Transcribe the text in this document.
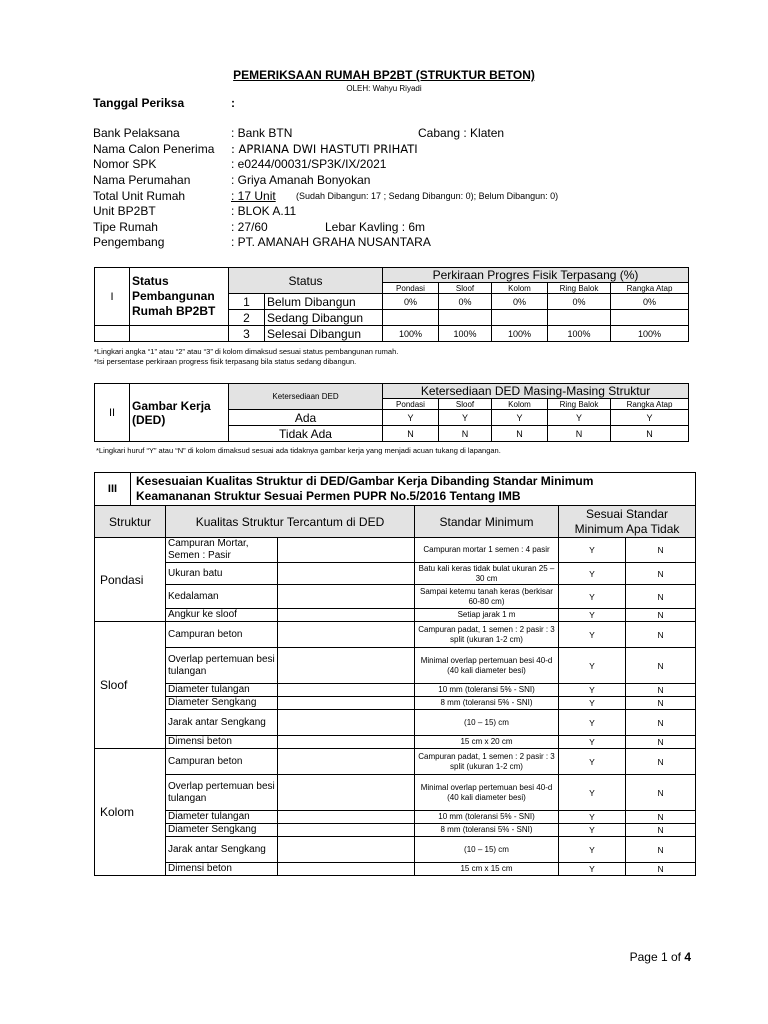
PEMERIKSAAN RUMAH BP2BT (STRUKTUR BETON)
OLEH: Wahyu Riyadi
Tanggal Periksa	:
Bank Pelaksana	: Bank BTN	Cabang : Klaten
Nama Calon Penerima : APRIANA DWI HASTUTI PRIHATI
Nomor SPK	: e0244/00031/SP3K/IX/2021
Nama Perumahan	: Griya Amanah Bonyokan
Total Unit Rumah	: 17 Unit (Sudah Dibangun: 17 ; Sedang Dibangun: 0); Belum Dibangun: 0)
Unit BP2BT	: BLOK A.11
Tipe Rumah	: 27/60	Lebar Kavling : 6m
Pengembang	: PT. AMANAH GRAHA NUSANTARA
I	Status Pembangunan Rumah BP2BT	Status		Perkiraan Progres Fisik Terpasang (%)				
				Pondasi	Sloof	Kolom	Ring Balok	Rangka Atap
		1	Belum Dibangun	0%	0%	0%	0%	0%
		2	Sedang Dibangun					
		3	Selesai Dibangun	100%	100%	100%	100%	100%
*Lingkari angka “1” atau “2” atau “3” di kolom dimaksud sesuai status pembangunan rumah.
*Isi persentase perkiraan progress fisik terpasang bila status sedang dibangun.
II	Gambar Kerja (DED)	Ketersediaan DED	Ketersediaan DED Masing-Masing Struktur				
			Pondasi	Sloof	Kolom	Ring Balok	Rangka Atap
		Ada	Y	Y	Y	Y	Y
		Tidak Ada	N	N	N	N	N
*Lingkari huruf “Y” atau “N” di kolom dimaksud sesuai ada tidaknya gambar kerja yang menjadi acuan tukang di lapangan.
III	Kesesuaian Kualitas Struktur di DED/Gambar Kerja Dibanding Standar Minimum
Keamananan Struktur Sesuai Permen PUPR No.5/2016 Tentang IMB					

Struktur		Kualitas Struktur Tercantum di DED		Standar Minimum	Sesuai Standar Minimum Apa Tidak	
Pondasi		Campuran Mortar, Semen : Pasir		Campuran mortar 1 semen : 4 pasir	Y	N
		Ukuran batu		Batu kali keras tidak bulat ukuran 25 – 30 cm	Y	N
		Kedalaman		Sampai ketemu tanah keras (berkisar 60-80 cm)	Y	N
		Angkur ke sloof		Setiap jarak 1 m	Y	N
Sloof		Campuran beton		Campuran padat, 1 semen : 2 pasir : 3 split (ukuran 1-2 cm)	Y	N
		Overlap pertemuan besi tulangan		Minimal overlap pertemuan besi 40-d (40 kali diameter besi)	Y	N
		Diameter tulangan		10 mm (toleransi 5% - SNI)	Y	N
		Diameter Sengkang		8 mm (toleransi 5% - SNI)	Y	N
		Jarak antar Sengkang		(10 – 15) cm	Y	N
		Dimensi beton		15 cm x 20 cm	Y	N
Kolom		Campuran beton		Campuran padat, 1 semen : 2 pasir : 3 split (ukuran 1-2 cm)	Y	N
		Overlap pertemuan besi tulangan		Minimal overlap pertemuan besi 40-d (40 kali diameter besi)	Y	N
		Diameter tulangan		10 mm (toleransi 5% - SNI)	Y	N
		Diameter Sengkang		8 mm (toleransi 5% - SNI)	Y	N
		Jarak antar Sengkang		(10 – 15) cm	Y	N
		Dimensi beton		15 cm x 15 cm	Y	N
Page 1 of 4
